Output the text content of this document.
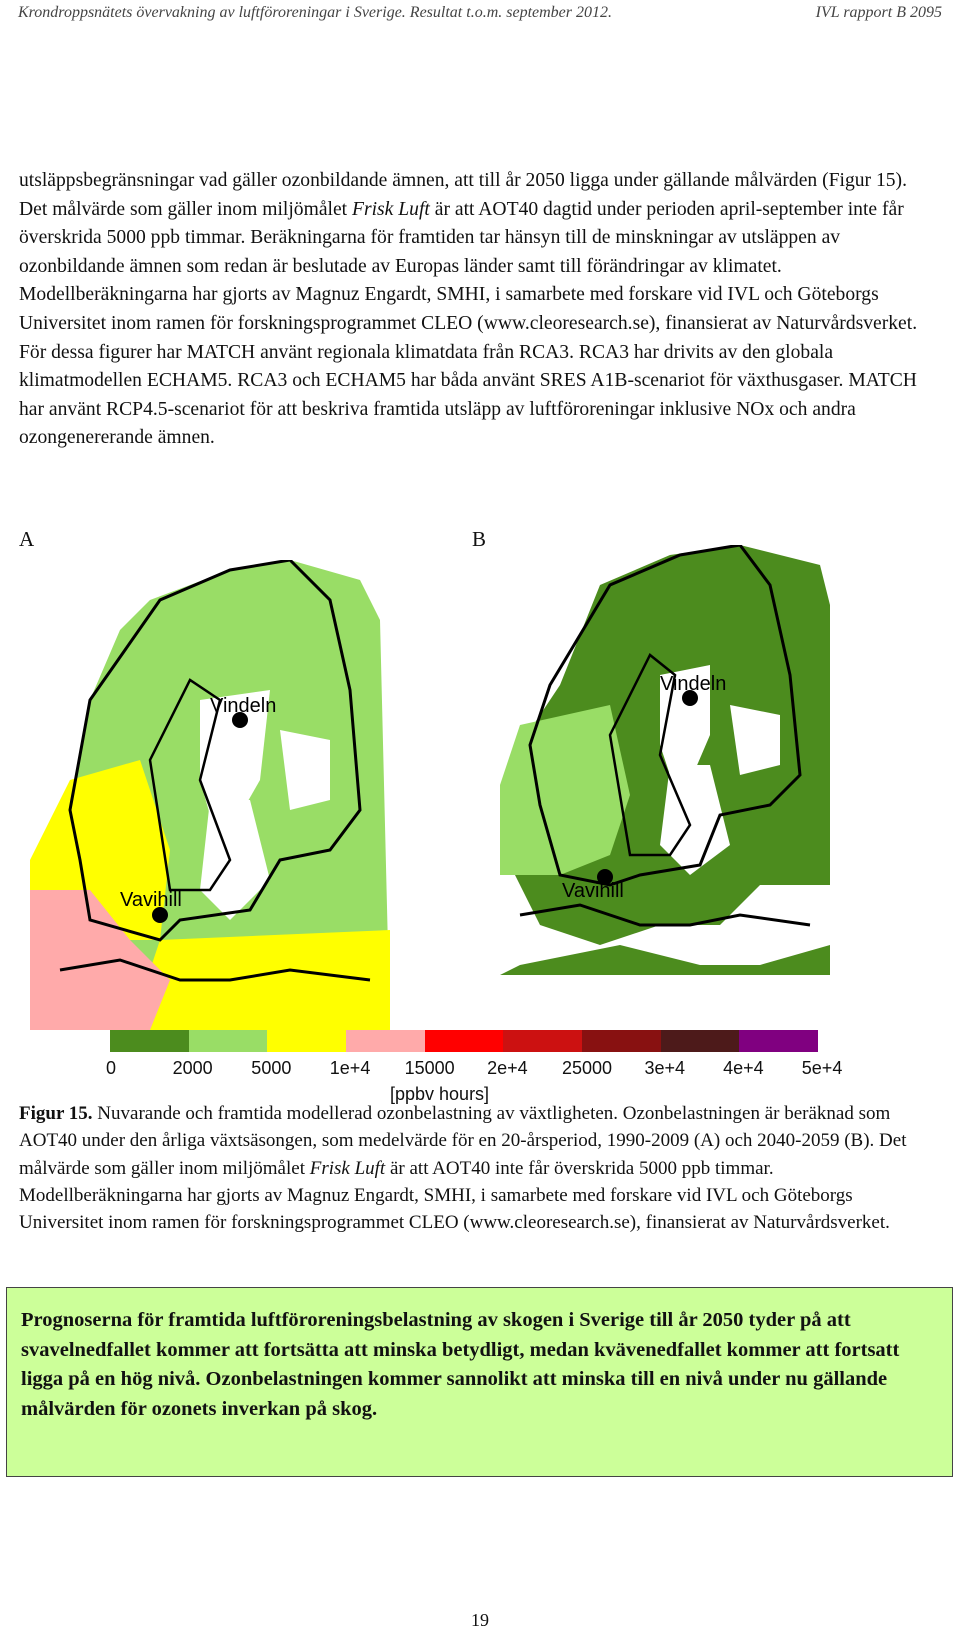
Krondroppsnätets övervakning av luftföroreningar i Sverige. Resultat t.o.m. september 2012.	IVL rapport B 2095

utsläppsbegränsningar vad gäller ozonbildande ämnen, att till år 2050 ligga under gällande målvärden (Figur 15). Det målvärde som gäller inom miljömålet Frisk Luft är att AOT40 dagtid under perioden april-september inte får överskrida 5000 ppb timmar. Beräkningarna för framtiden tar hänsyn till de minskningar av utsläppen av ozonbildande ämnen som redan är beslutade av Europas länder samt till förändringar av klimatet. Modellberäkningarna har gjorts av Magnuz Engardt, SMHI, i samarbete med forskare vid IVL och Göteborgs Universitet inom ramen för forskningsprogrammet CLEO (www.cleoresearch.se), finansierat av Naturvårdsverket. För dessa figurer har MATCH använt regionala klimatdata från RCA3. RCA3 har drivits av den globala klimatmodellen ECHAM5. RCA3 och ECHAM5 har båda använt SRES A1B-scenariot för växthusgaser. MATCH har använt RCP4.5-scenariot för att beskriva framtida utsläpp av luftföroreningar inklusive NOx och andra ozongenererande ämnen.

A	B
Vindeln
Vavihill
Vindeln
Vavihill
0	2000 5000 1e+4 15000 2e+4 25000 3e+4 4e+4 5e+4
[ppbv hours]

Figur 15. Nuvarande och framtida modellerad ozonbelastning av växtligheten. Ozonbelastningen är beräknad som AOT40 under den årliga växtsäsongen, som medelvärde för en 20-årsperiod, 1990-2009 (A) och 2040-2059 (B). Det målvärde som gäller inom miljömålet Frisk Luft är att AOT40 inte får överskrida 5000 ppb timmar. Modellberäkningarna har gjorts av Magnuz Engardt, SMHI, i samarbete med forskare vid IVL och Göteborgs Universitet inom ramen för forskningsprogrammet CLEO (www.cleoresearch.se), finansierat av Naturvårdsverket.

Prognoserna för framtida luftföroreningsbelastning av skogen i Sverige till år 2050 tyder på att svavelnedfallet kommer att fortsätta att minska betydligt, medan kvävenedfallet kommer att fortsatt ligga på en hög nivå. Ozonbelastningen kommer sannolikt att minska till en nivå under nu gällande målvärden för ozonets inverkan på skog.
19
